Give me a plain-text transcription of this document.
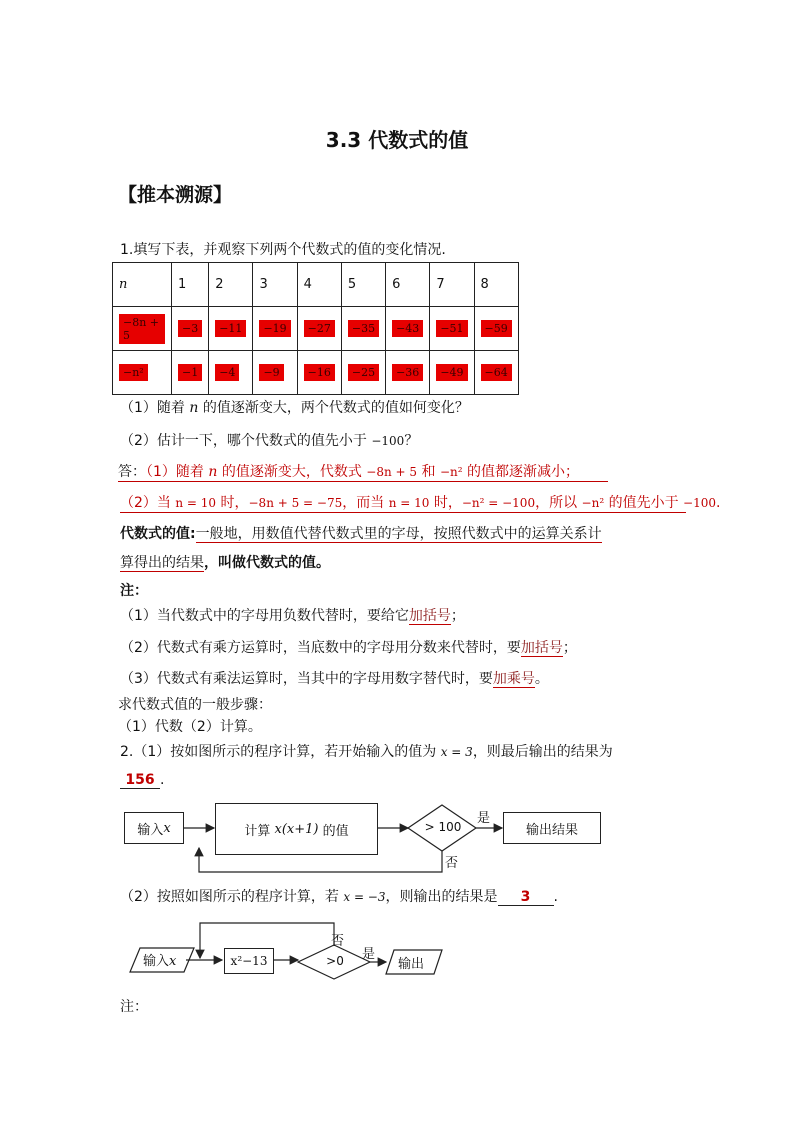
3.3 代数式的值
【推本溯源】
1.填写下表，并观察下列两个代数式的值的变化情况.
n	1	2	3	4	5	6	7	8
−8n + 5	−3	−11	−19	−27	−35	−43	−51	−59
−n²	−1	−4	−9	−16	−25	−36	−49	−64
（1）随着 n 的值逐渐变大，两个代数式的值如何变化？
（2）估计一下，哪个代数式的值先小于 −100？
答：（1）随着 n 的值逐渐变大，代数式 −8n + 5 和 −n² 的值都逐渐减小；
（2）当 n = 10 时，−8n + 5 = −75，而当 n = 10 时，−n² = −100，所以 −n² 的值先小于 −100.
代数式的值:一般地，用数值代替代数式里的字母，按照代数式中的运算关系计
算得出的结果，叫做代数式的值。
注：
（1）当代数式中的字母用负数代替时，要给它加括号；
（2）代数式有乘方运算时，当底数中的字母用分数来代替时，要加括号；
（3）代数式有乘法运算时，当其中的字母用数字替代时，要加乘号。
求代数式值的一般步骤：
（1）代数（2）计算。
2.（1）按如图所示的程序计算，若开始输入的值为 x = 3，则最后输出的结果为
156 .
输入 x	计算
x(x+1)
的值	> 100
是
否
输出结果
（2）按照如图所示的程序计算，若 x = −3，则输出的结果是 3 .
输入x	x²−13	>0
否
是
输出
注：
